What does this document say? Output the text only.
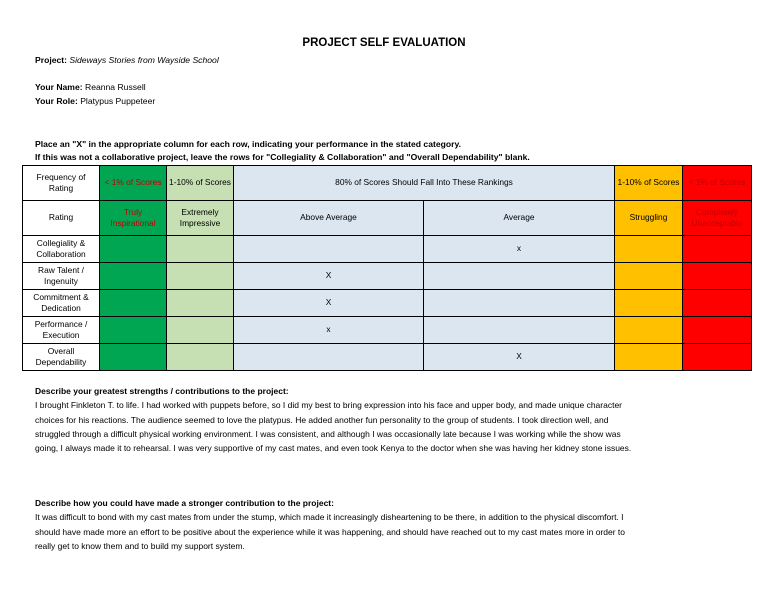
PROJECT SELF EVALUATION
Project: Sideways Stories from Wayside School
Your Name: Reanna Russell
Your Role: Platypus Puppeteer
Place an "X" in the appropriate column for each row, indicating your performance in the stated category.
If this was not a collaborative project, leave the rows for "Collegiality & Collaboration" and "Overall Dependability" blank.
Frequency of Rating	< 1% of Scores	1-10% of Scores	80% of Scores Should Fall Into These Rankings		1-10% of Scores	< 1% of Scores
Rating	Truly Inspirational	Extremely Impressive	Above Average	Average	Struggling	Completely Unacceptable
Collegiality & Collaboration				x		
Raw Talent / Ingenuity			X			
Commitment & Dedication			X			
Performance / Execution			x			
Overall Dependability				X		
Describe your greatest strengths / contributions to the project:
I brought Finkleton T. to life. I had worked with puppets before, so I did my best to bring expression into his face and upper body, and made unique character
choices for his reactions. The audience seemed to love the platypus. He added another fun personality to the group of students. I took direction well, and
struggled through a difficult physical working environment. I was consistent, and although I was occasionally late because I was working while the show was
going, I always made it to rehearsal. I was very supportive of my cast mates, and even took Kenya to the doctor when she was having her kidney stone issues.
Describe how you could have made a stronger contribution to the project:
It was difficult to bond with my cast mates from under the stump, which made it increasingly disheartening to be there, in addition to the physical discomfort. I
should have made more an effort to be positive about the experience while it was happening, and should have reached out to my cast mates more in order to
really get to know them and to build my support system.
